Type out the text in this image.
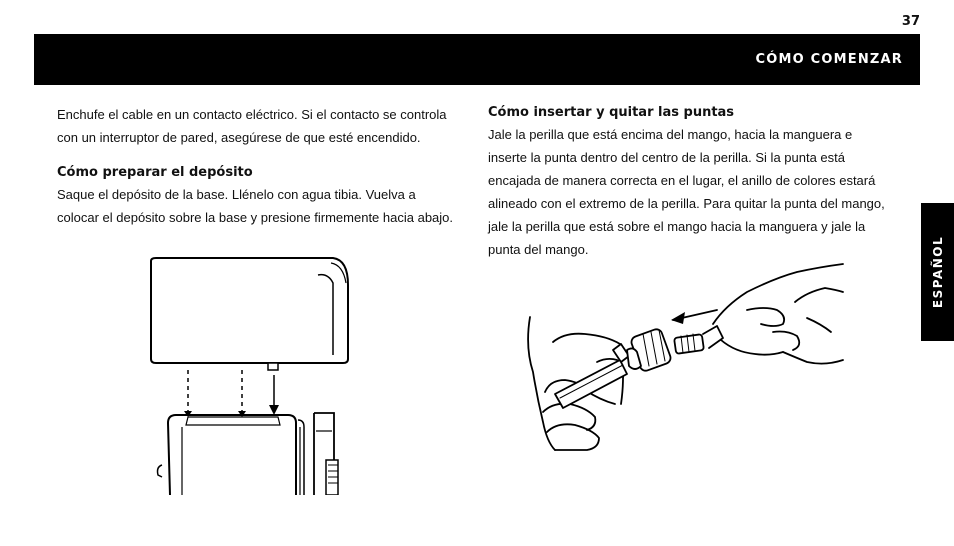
37
CÓMO COMENZAR
ESPAÑOL

Enchufe el cable en un contacto eléctrico. Si el contacto se controla con un interruptor de pared, asegúrese de que esté encendido.

Cómo preparar el depósito

Saque el depósito de la base. Llénelo con agua tibia. Vuelva a colocar el depósito sobre la base y presione firmemente hacia abajo.

Cómo insertar y quitar las puntas

Jale la perilla que está encima del mango, hacia la manguera e inserte la punta dentro del centro de la perilla. Si la punta está encajada de manera correcta en el lugar, el anillo de colores estará alineado con el extremo de la perilla. Para quitar la punta del mango, jale la perilla que está sobre el mango hacia la manguera y jale la punta del mango.
